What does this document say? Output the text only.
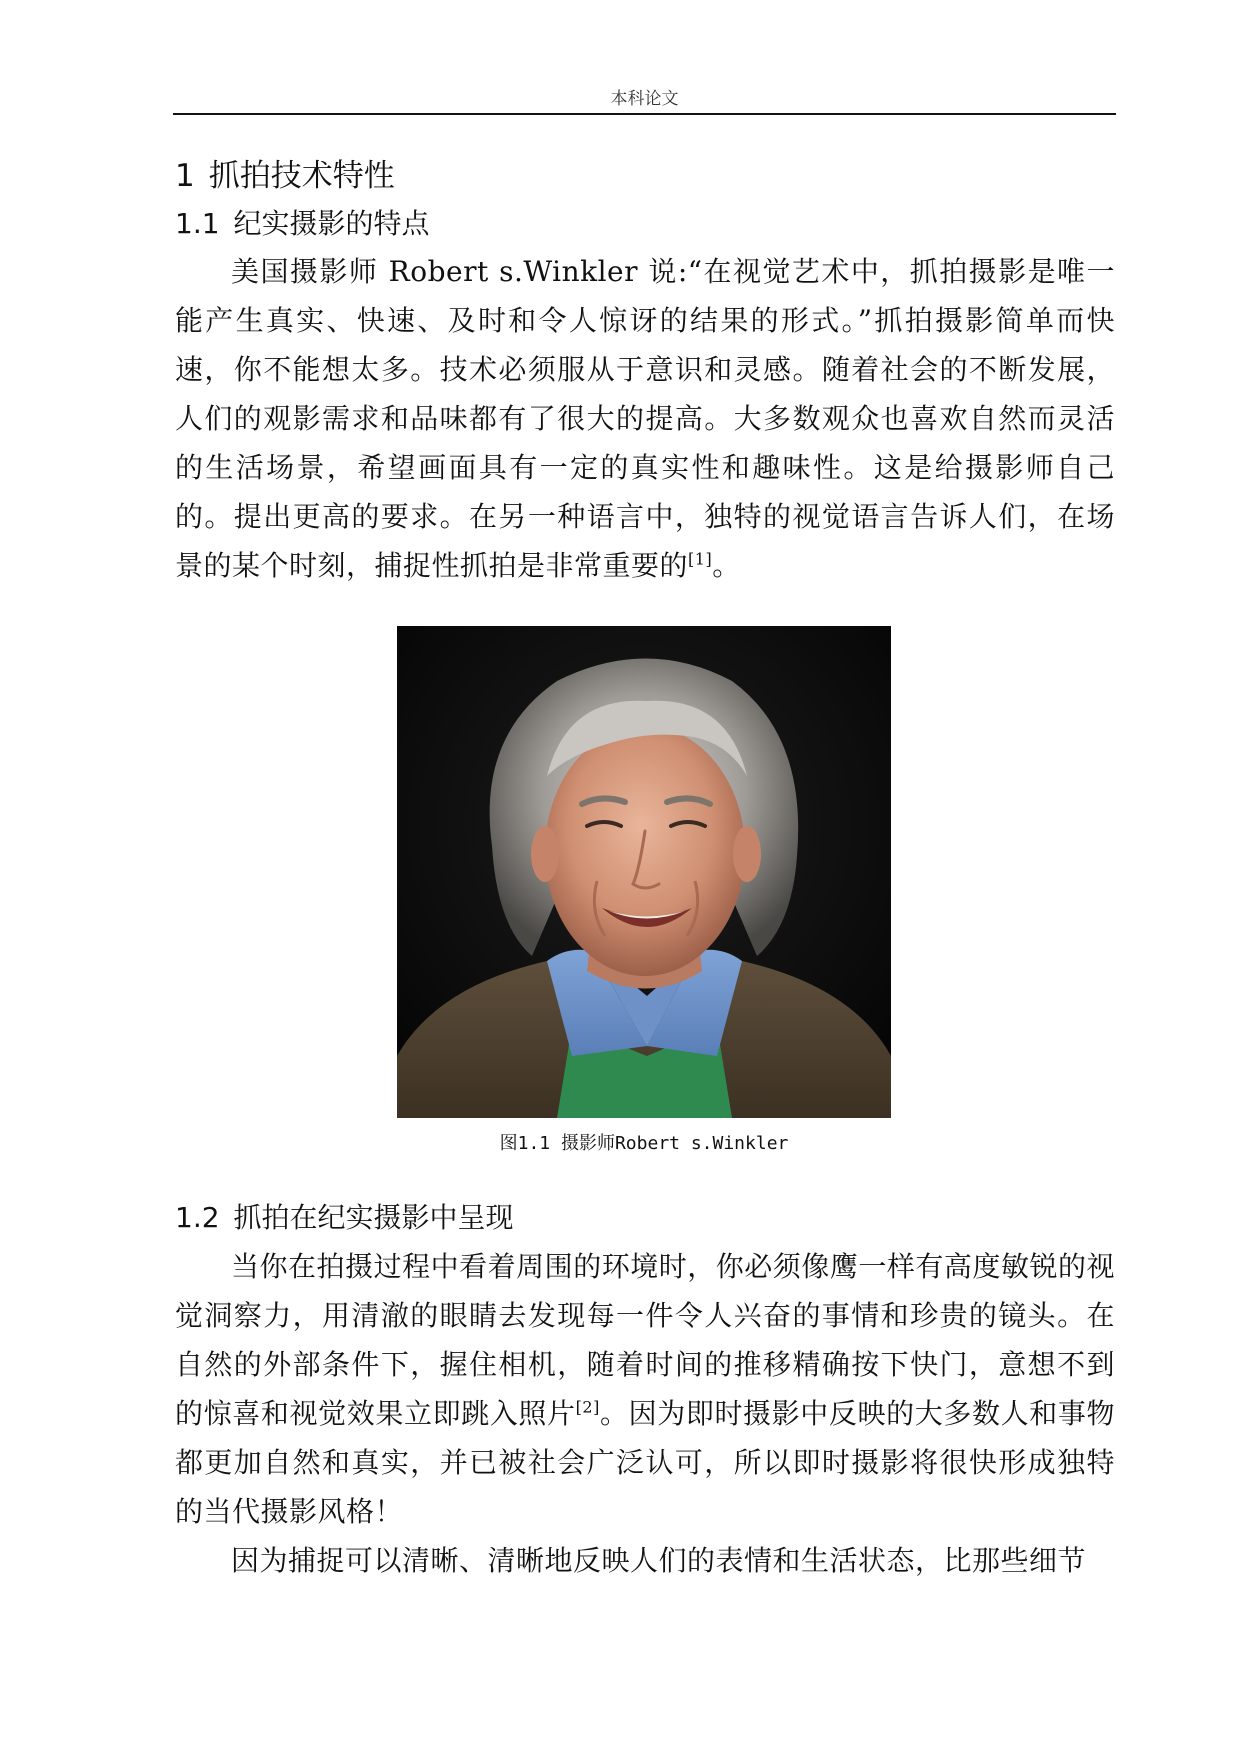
本科论文
1 抓拍技术特性
1.1 纪实摄影的特点

美国摄影师 Robert s.Winkler 说:“在视觉艺术中，抓拍摄影是唯一能产生真实、快速、及时和令人惊讶的结果的形式。”抓拍摄影简单而快速，你不能想太多。技术必须服从于意识和灵感。随着社会的不断发展，人们的观影需求和品味都有了很大的提高。大多数观众也喜欢自然而灵活的生活场景，希望画面具有一定的真实性和趣味性。这是给摄影师自己的。提出更高的要求。在另一种语言中，独特的视觉语言告诉人们，在场景的某个时刻，捕捉性抓拍是非常重要的[1]。

图1.1 摄影师Robert s.Winkler
1.2 抓拍在纪实摄影中呈现

当你在拍摄过程中看着周围的环境时，你必须像鹰一样有高度敏锐的视觉洞察力，用清澈的眼睛去发现每一件令人兴奋的事情和珍贵的镜头。在自然的外部条件下，握住相机，随着时间的推移精确按下快门，意想不到的惊喜和视觉效果立即跳入照片[2]。因为即时摄影中反映的大多数人和事物都更加自然和真实，并已被社会广泛认可，所以即时摄影将很快形成独特的当代摄影风格！

因为捕捉可以清晰、清晰地反映人们的表情和生活状态，比那些细节
